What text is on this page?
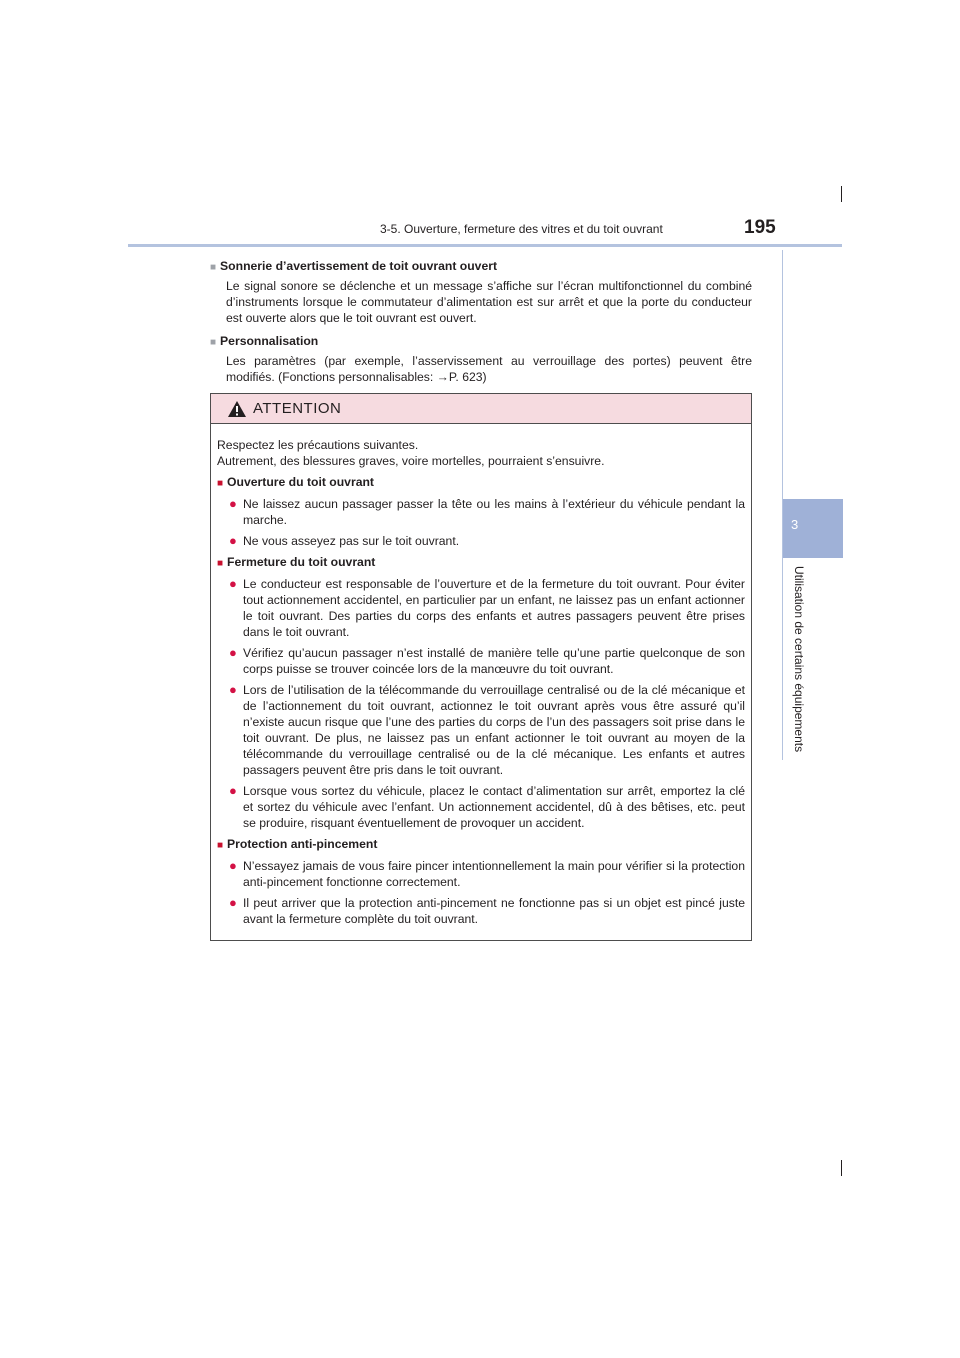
3-5. Ouverture, fermeture des vitres et du toit ouvrant	195
3
Utilisation de certains équipements
■ Sonnerie d’avertissement de toit ouvrant ouvert

Le signal sonore se déclenche et un message s’affiche sur l’écran multifonctionnel du combiné d’instruments lorsque le commutateur d’alimentation est sur arrêt et que la porte du conducteur est ouverte alors que le toit ouvrant est ouvert.

■ Personnalisation

Les paramètres (par exemple, l’asservissement au verrouillage des portes) peuvent être modifiés. (Fonctions personnalisables: →P. 623)

ATTENTION
Respectez les précautions suivantes.
Autrement, des blessures graves, voire mortelles, pourraient s’ensuivre.
■ Ouverture du toit ouvrant
● Ne laissez aucun passager passer la tête ou les mains à l’extérieur du véhicule pendant la marche.
● Ne vous asseyez pas sur le toit ouvrant.
■ Fermeture du toit ouvrant
● Le conducteur est responsable de l’ouverture et de la fermeture du toit ouvrant. Pour éviter tout actionnement accidentel, en particulier par un enfant, ne laissez pas un enfant actionner le toit ouvrant. Des parties du corps des enfants et autres passagers peuvent être prises dans le toit ouvrant.
● Vérifiez qu’aucun passager n’est installé de manière telle qu’une partie quelconque de son corps puisse se trouver coincée lors de la manœuvre du toit ouvrant.
● Lors de l’utilisation de la télécommande du verrouillage centralisé ou de la clé mécanique et de l’actionnement du toit ouvrant, actionnez le toit ouvrant après vous être assuré qu’il n’existe aucun risque que l’une des parties du corps de l’un des passagers soit prise dans le toit ouvrant. De plus, ne laissez pas un enfant actionner le toit ouvrant au moyen de la télécommande du verrouillage centralisé ou de la clé mécanique. Les enfants et autres passagers peuvent être pris dans le toit ouvrant.
● Lorsque vous sortez du véhicule, placez le contact d’alimentation sur arrêt, emportez la clé et sortez du véhicule avec l’enfant. Un actionnement accidentel, dû à des bêtises, etc. peut se produire, risquant éventuellement de provoquer un accident.
■ Protection anti-pincement
● N’essayez jamais de vous faire pincer intentionnellement la main pour vérifier si la protection anti-pincement fonctionne correctement.
● Il peut arriver que la protection anti-pincement ne fonctionne pas si un objet est pincé juste avant la fermeture complète du toit ouvrant.
